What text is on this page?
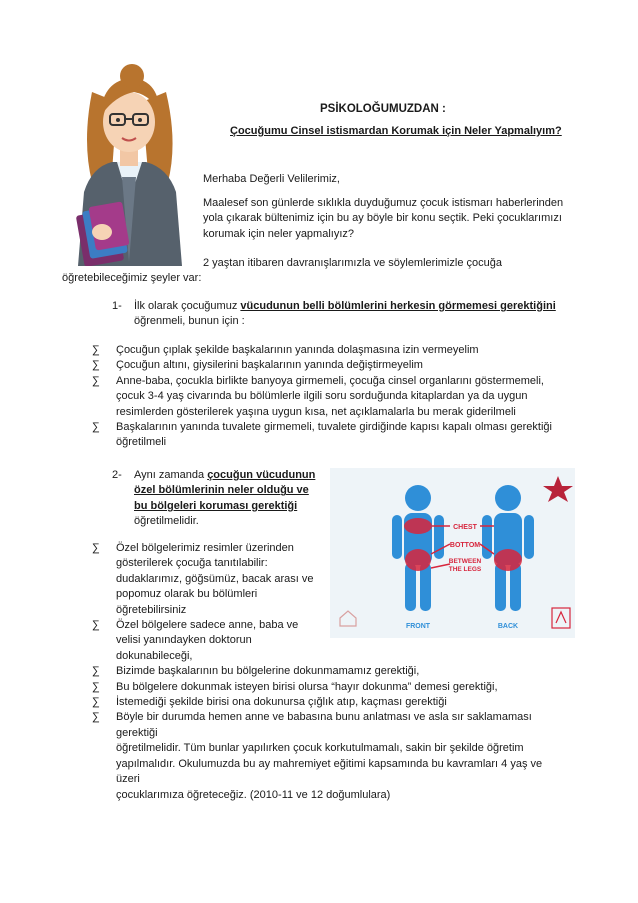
PSİKOLOĞUMUZDAN :
Çocuğumu Cinsel istismardan Korumak için Neler Yapmalıyım?
Merhaba Değerli Velilerimiz,
Maalesef son günlerde sıklıkla duyduğumuz çocuk istismarı haberlerinden
yola çıkarak bültenimiz için bu ay böyle bir konu seçtik. Peki çocuklarımızı
korumak için neler yapmalıyız?
2 yaştan itibaren davranışlarımızla ve söylemlerimizle çocuğa
öğretebileceğimiz şeyler var:
1-	İlk olarak çocuğumuz vücudunun belli bölümlerini herkesin görmemesi gerektiğini
öğrenmeli, bunun için :
∑	Çocuğun çıplak şekilde başkalarının yanında dolaşmasına izin vermeyelim
∑	Çocuğun altını, giysilerini başkalarının yanında değiştirmeyelim
∑	Anne-baba, çocukla birlikte banyoya girmemeli, çocuğa cinsel organlarını göstermemeli,
çocuk 3-4 yaş civarında bu bölümlerle ilgili soru sorduğunda kitaplardan ya da uygun
resimlerden gösterilerek yaşına uygun kısa, net açıklamalarla bu merak giderilmeli
∑	Başkalarının yanında tuvalete girmemeli, tuvalete girdiğinde kapısı kapalı olması gerektiği
öğretilmeli
2-	Aynı zamanda çocuğun vücudunun
özel bölümlerinin neler olduğu ve
bu bölgeleri koruması gerektiği
öğretilmelidir.
CHEST
BOTTOM
BETWEEN
THE LEGS
FRONT	BACK
∑	Özel bölgelerimiz resimler üzerinden
gösterilerek çocuğa tanıtılabilir:
dudaklarımız, göğsümüz, bacak arası ve
popomuz olarak bu bölümleri
öğretebilirsiniz
∑	Özel bölgelere sadece anne, baba ve
velisi yanındayken doktorun
dokunabileceği,
∑	Bizimde başkalarının bu bölgelerine dokunmamamız gerektiği,
∑	Bu bölgelere dokunmak isteyen birisi olursa “hayır dokunma” demesi gerektiği,
∑	İstemediği şekilde birisi ona dokunursa çığlık atıp, kaçması gerektiği
∑	Böyle bir durumda hemen anne ve babasına bunu anlatması ve asla sır saklamaması gerektiği
öğretilmelidir. Tüm bunlar yapılırken çocuk korkutulmamalı, sakin bir şekilde öğretim
yapılmalıdır. Okulumuzda bu ay mahremiyet eğitimi kapsamında bu kavramları 4 yaş ve üzeri
çocuklarımıza öğreteceğiz. (2010-11 ve 12 doğumlulara)
